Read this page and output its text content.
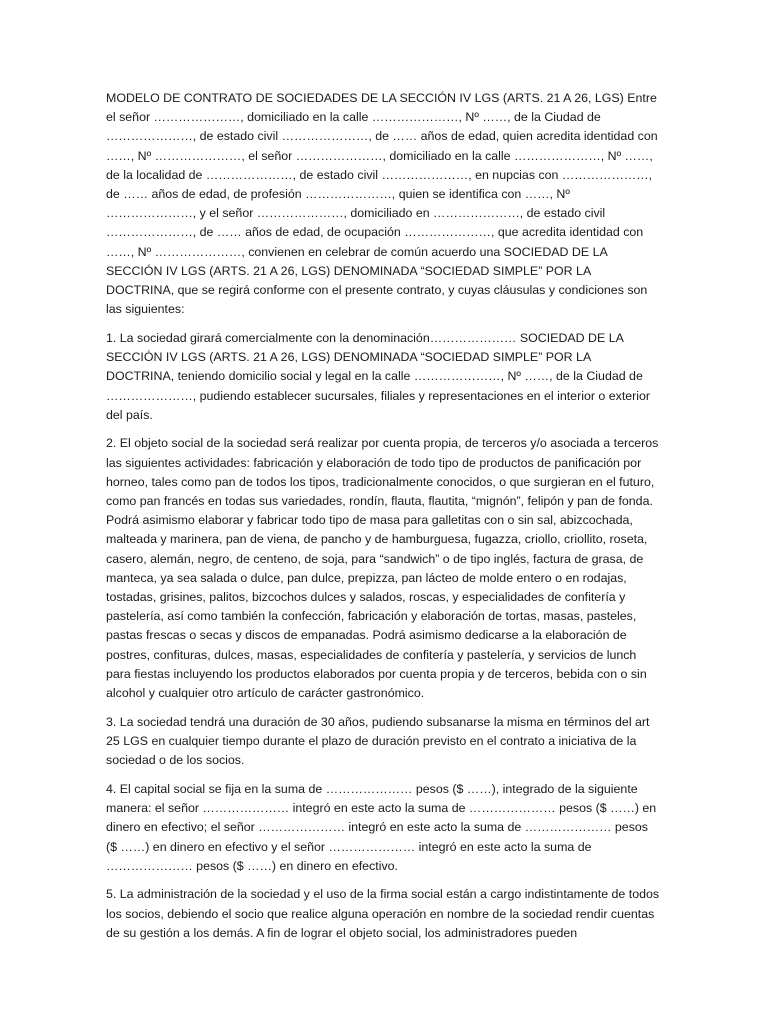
MODELO DE CONTRATO DE SOCIEDADES DE LA SECCIÓN IV LGS (ARTS. 21 A 26, LGS) Entre el señor …………………, domiciliado en la calle …………………, Nº ……, de la Ciudad de …………………, de estado civil …………………, de …… años de edad, quien acredita identidad con ……, Nº …………………, el señor …………………, domiciliado en la calle …………………, Nº ……, de la localidad de …………………, de estado civil …………………, en nupcias con …………………, de …… años de edad, de profesión …………………, quien se identifica con ……, Nº …………………, y el señor …………………, domiciliado en …………………, de estado civil …………………, de …… años de edad, de ocupación …………………, que acredita identidad con ……, Nº …………………, convienen en celebrar de común acuerdo una SOCIEDAD DE LA SECCIÓN IV LGS (ARTS. 21 A 26, LGS) DENOMINADA “SOCIEDAD SIMPLE” POR LA DOCTRINA, que se regirá conforme con el presente contrato, y cuyas cláusulas y condiciones son las siguientes:

1. La sociedad girará comercialmente con la denominación………………… SOCIEDAD DE LA SECCIÓN IV LGS (ARTS. 21 A 26, LGS) DENOMINADA “SOCIEDAD SIMPLE” POR LA DOCTRINA, teniendo domicilio social y legal en la calle …………………, Nº ……, de la Ciudad de …………………, pudiendo establecer sucursales, filiales y representaciones en el interior o exterior del país.

2. El objeto social de la sociedad será realizar por cuenta propia, de terceros y/o asociada a terceros las siguientes actividades: fabricación y elaboración de todo tipo de productos de panificación por horneo, tales como pan de todos los tipos, tradicionalmente conocidos, o que surgieran en el futuro, como pan francés en todas sus variedades, rondín, flauta, flautita, “mignón”, felipón y pan de fonda. Podrá asimismo elaborar y fabricar todo tipo de masa para galletitas con o sin sal, abizcochada, malteada y marinera, pan de viena, de pancho y de hamburguesa, fugazza, criollo, criollito, roseta, casero, alemán, negro, de centeno, de soja, para “sandwich” o de tipo inglés, factura de grasa, de manteca, ya sea salada o dulce, pan dulce, prepizza, pan lácteo de molde entero o en rodajas, tostadas, grisines, palitos, bizcochos dulces y salados, roscas, y especialidades de confitería y pastelería, así como también la confección, fabricación y elaboración de tortas, masas, pasteles, pastas frescas o secas y discos de empanadas. Podrá asimismo dedicarse a la elaboración de postres, confituras, dulces, masas, especialidades de confitería y pastelería, y servicios de lunch para fiestas incluyendo los productos elaborados por cuenta propia y de terceros, bebida con o sin alcohol y cualquier otro artículo de carácter gastronómico.

3. La sociedad tendrá una duración de 30 años, pudiendo subsanarse la misma en términos del art 25 LGS en cualquier tiempo durante el plazo de duración previsto en el contrato a iniciativa de la sociedad o de los socios.

4. El capital social se fija en la suma de ………………… pesos ($ ……), integrado de la siguiente manera: el señor ………………… integró en este acto la suma de ………………… pesos ($ ……) en dinero en efectivo; el señor ………………… integró en este acto la suma de ………………… pesos ($ ……) en dinero en efectivo y el señor ………………… integró en este acto la suma de ………………… pesos ($ ……) en dinero en efectivo.

5. La administración de la sociedad y el uso de la firma social están a cargo indistintamente de todos los socios, debiendo el socio que realice alguna operación en nombre de la sociedad rendir cuentas de su gestión a los demás. A fin de lograr el objeto social, los administradores pueden
